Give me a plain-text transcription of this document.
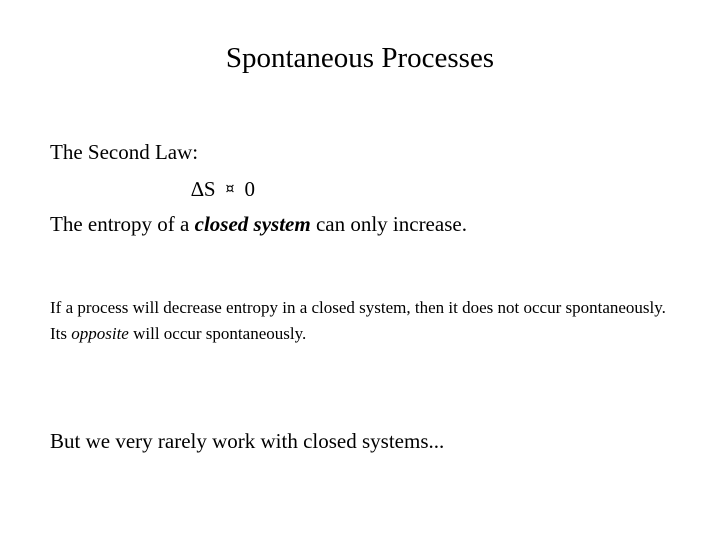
Spontaneous Processes
The Second Law:
∆S ¤ 0
The entropy of a closed system can only increase.
If a process will decrease entropy in a closed system, then it does not occur spontaneously. Its opposite will occur spontaneously.
But we very rarely work with closed systems...
